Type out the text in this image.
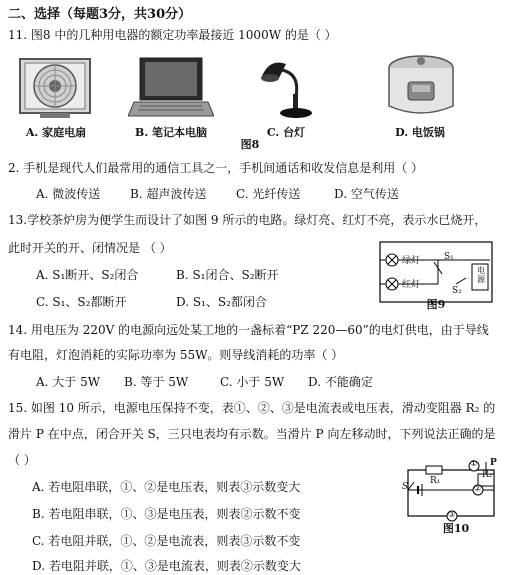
二、选择（每题3分，共30分）
11. 图8 中的几种用电器的额定功率最接近 1000W 的是（ ）
A. 家庭电扇	B. 笔记本电脑	C. 台灯	D. 电饭锅
图8
2. 手机是现代人们最常用的通信工具之一，手机间通话和收发信息是利用（ ）
A. 微波传送 B. 超声波传送 C. 光纤传送	D. 空气传送
13.学校茶炉房为便学生而设计了如图 9 所示的电路。绿灯亮、红灯不亮，表示水已烧开，
此时开关的开、闭情况是 （ ）
A. S₁断开、S₂闭合	B. S₁闭合、S₂断开
C. S₁、S₂都断开	D. S₁、S₂都闭合
绿灯
红灯
S₁
S₂
电源
图9
14. 用电压为 220V 的电源向远处某工地的一盏标着“PZ 220—60”的电灯供电，由于导线
有电阻，灯泡消耗的实际功率为 55W。则导线消耗的功率（ ）
A. 大于 5W B. 等于 5W	C. 小于 5W D. 不能确定
15. 如图 10 所示，电源电压保持不变，表①、②、③是电流表或电压表，滑动变阻器 R₂ 的
滑片 P 在中点，闭合开关 S，三只电表均有示数。当滑片 P 向左移动时，下列说法正确的是
（ ）
A. 若电阻串联，①、②是电压表，则表③示数变大
B. 若电阻串联，①、③是电压表，则表②示数不变
C. 若电阻并联，①、②是电流表，则表③示数不变
D. 若电阻并联，①、③是电流表，则表②示数变大
S
R₁
R₂
P
①
②
③
图10
